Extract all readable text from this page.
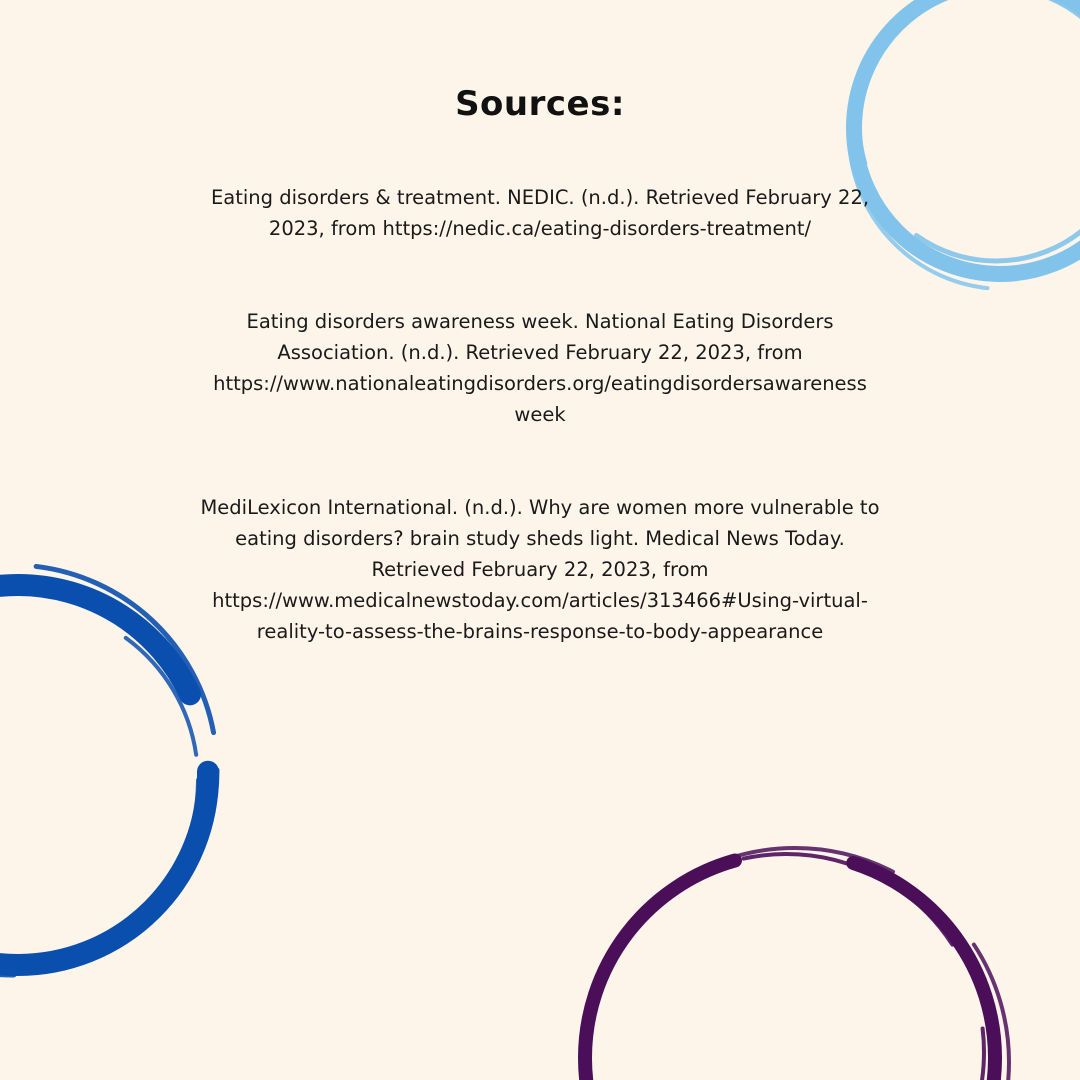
Sources:

Eating disorders & treatment. NEDIC. (n.d.). Retrieved February 22,
2023, from https://nedic.ca/eating-disorders-treatment/

Eating disorders awareness week. National Eating Disorders
Association. (n.d.). Retrieved February 22, 2023, from
https://www.nationaleatingdisorders.org/eatingdisordersawareness
week

MediLexicon International. (n.d.). Why are women more vulnerable to
eating disorders? brain study sheds light. Medical News Today.
Retrieved February 22, 2023, from
https://www.medicalnewstoday.com/articles/313466#Using-virtual-
reality-to-assess-the-brains-response-to-body-appearance
